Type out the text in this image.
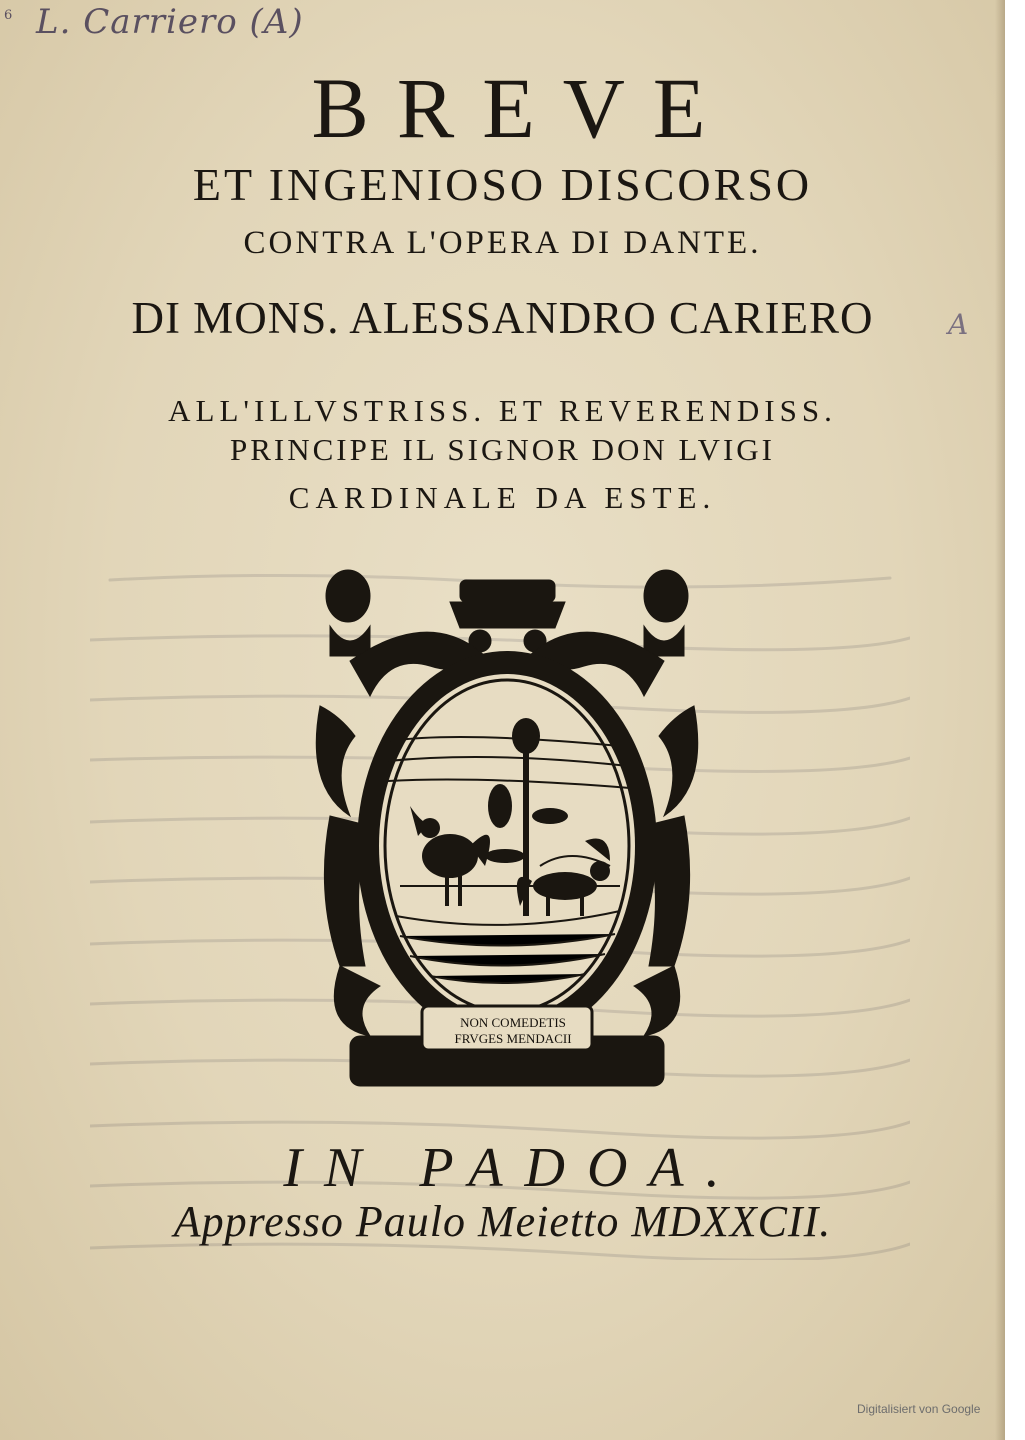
6 L. Carriero (A)
A
BREVE
ET INGENIOSO DISCORSO
CONTRA L'OPERA DI DANTE.
DI MONS. ALESSANDRO CARIERO
ALL'ILLVSTRISS. ET REVERENDISS.
PRINCIPE IL SIGNOR DON LVIGI
CARDINALE DA ESTE.
NON COMEDETIS
FRVGES MENDACII
IN PADOA.
Appresso Paulo Meietto MDXXCII.
Digitalisiert von Google
